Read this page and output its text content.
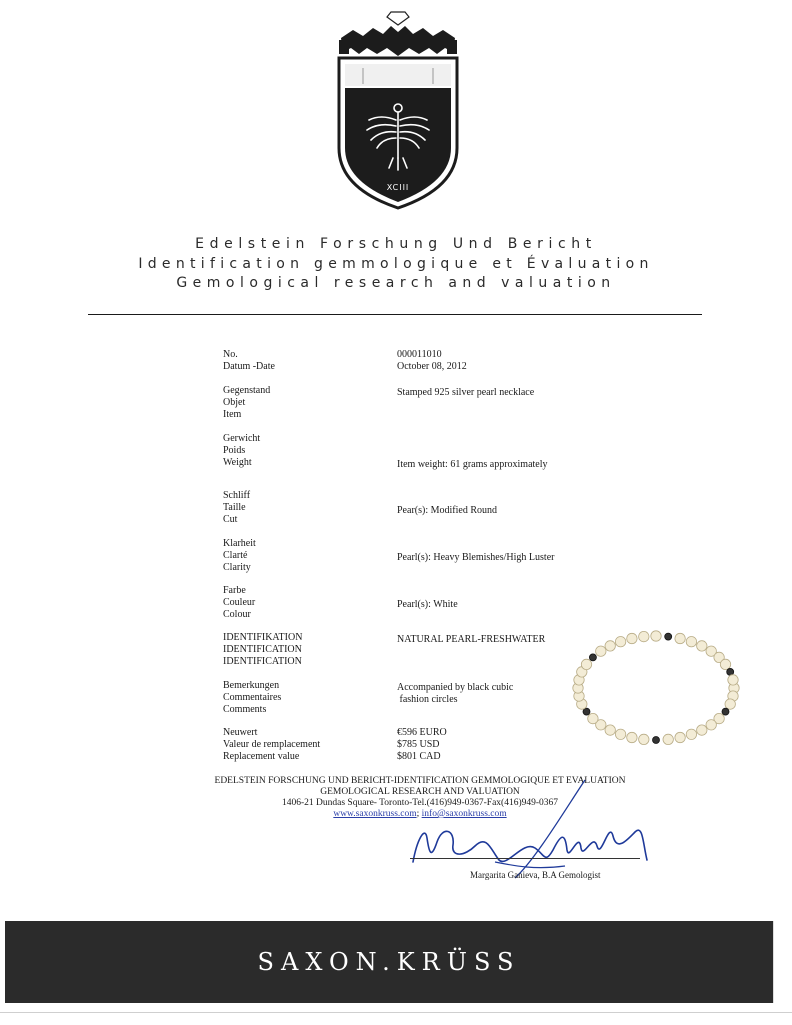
XCIII
Edelstein Forschung Und Bericht
Identification gemmologique et Évaluation
Gemological research and valuation
No.
Datum -Date
000011010
October 08, 2012
Gegenstand
Objet
Item
Stamped 925 silver pearl necklace
Gerwicht
Poids
Weight	Item weight: 61 grams approximately
Schliff
Taille
Cut
Pear(s): Modified Round
Klarheit
Clarté
Clarity
Pearl(s): Heavy Blemishes/High Luster
Farbe
Couleur
Colour
Pearl(s): White
IDENTIFIKATION
IDENTIFICATION
IDENTIFICATION
NATURAL PEARL-FRESHWATER
Bemerkungen
Commentaires
Comments
Accompanied by black cubic
fashion circles
Neuwert
Valeur de remplacement
Replacement value
€596 EURO
$785 USD
$801 CAD
EDELSTEIN FORSCHUNG UND BERICHT-IDENTIFICATION GEMMOLOGIQUE ET EVALUATION
GEMOLOGICAL RESEARCH AND VALUATION
1406-21 Dundas Square- Toronto-Tel.(416)949-0367-Fax(416)949-0367
www.saxonkruss.com; info@saxonkruss.com
Margarita Ganieva, B.A Gemologist
SAXON.KRÜSS
